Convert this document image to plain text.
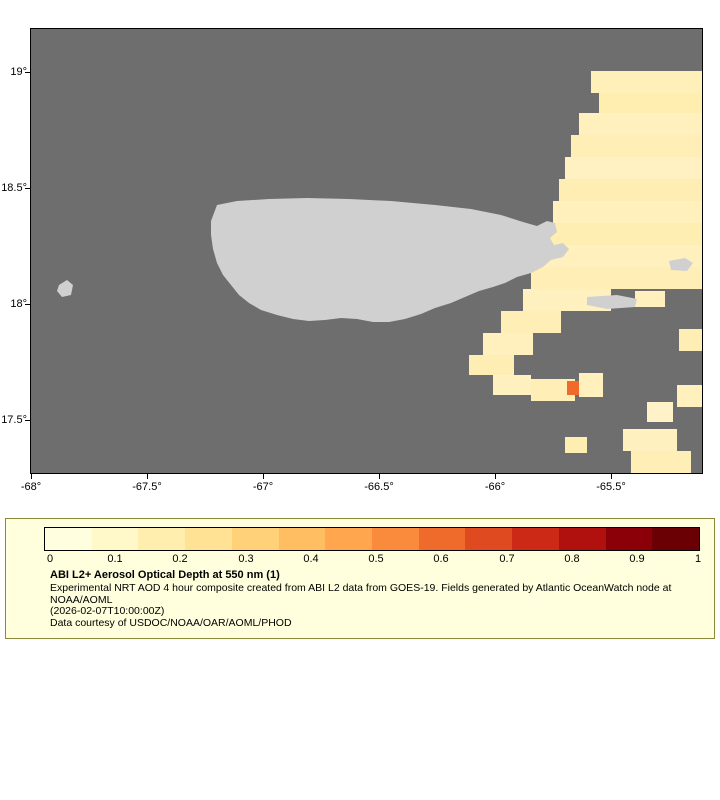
-68°	-67.5°	-67°	-66.5°	-66°	-65.5°
19°
18.5°
18°
17.5°
0	0.1	0.2	0.3	0.4	0.5	0.6	0.7	0.8	0.9	1
ABI L2+ Aerosol Optical Depth at 550 nm (1)
Experimental NRT AOD 4 hour composite created from ABI L2 data from GOES-19. Fields generated by Atlantic OceanWatch node at NOAA/AOML
(2026-02-07T10:00:00Z)
Data courtesy of USDOC/NOAA/OAR/AOML/PHOD
